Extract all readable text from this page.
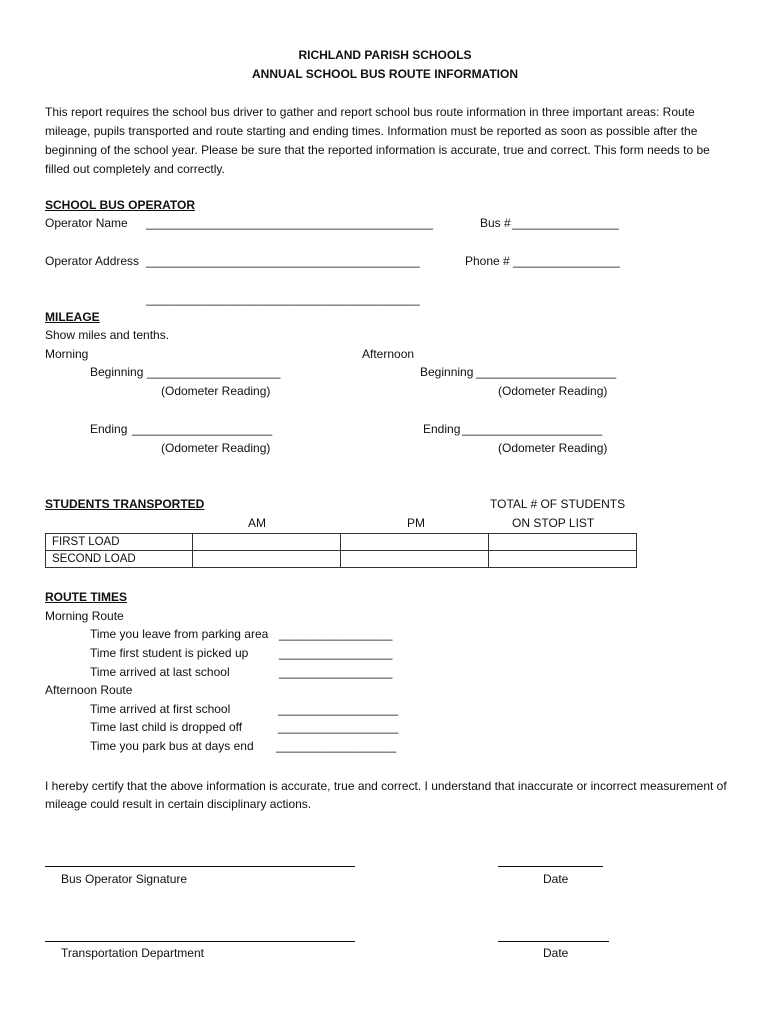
RICHLAND PARISH SCHOOLS
ANNUAL SCHOOL BUS ROUTE INFORMATION
This report requires the school bus driver to gather and report school bus route information in three important areas: Route mileage, pupils transported and route starting and ending times. Information must be reported as soon as possible after the beginning of the school year. Please be sure that the reported information is accurate, true and correct. This form needs to be filled out completely and correctly.
SCHOOL BUS OPERATOR
Operator Name ___________________________________________	Bus # ________________
Operator Address _________________________________________	Phone # ________________
_________________________________________
MILEAGE
Show miles and tenths.
Morning	Afternoon
Beginning ____________________	Beginning _____________________
(Odometer Reading)	(Odometer Reading)
Ending _____________________	Ending _____________________
(Odometer Reading)	(Odometer Reading)
STUDENTS TRANSPORTED	TOTAL # OF STUDENTS
AM	PM	ON STOP LIST
FIRST LOAD			
SECOND LOAD			
ROUTE TIMES
Morning Route
Time you leave from parking area _________________
Time first student is picked up	_________________
Time arrived at last school	_________________
Afternoon Route
Time arrived at first school	__________________
Time last child is dropped off	__________________
Time you park bus at days end __________________
I hereby certify that the above information is accurate, true and correct. I understand that inaccurate or incorrect measurement of mileage could result in certain disciplinary actions.
Bus Operator Signature	Date
Transportation Department	Date
